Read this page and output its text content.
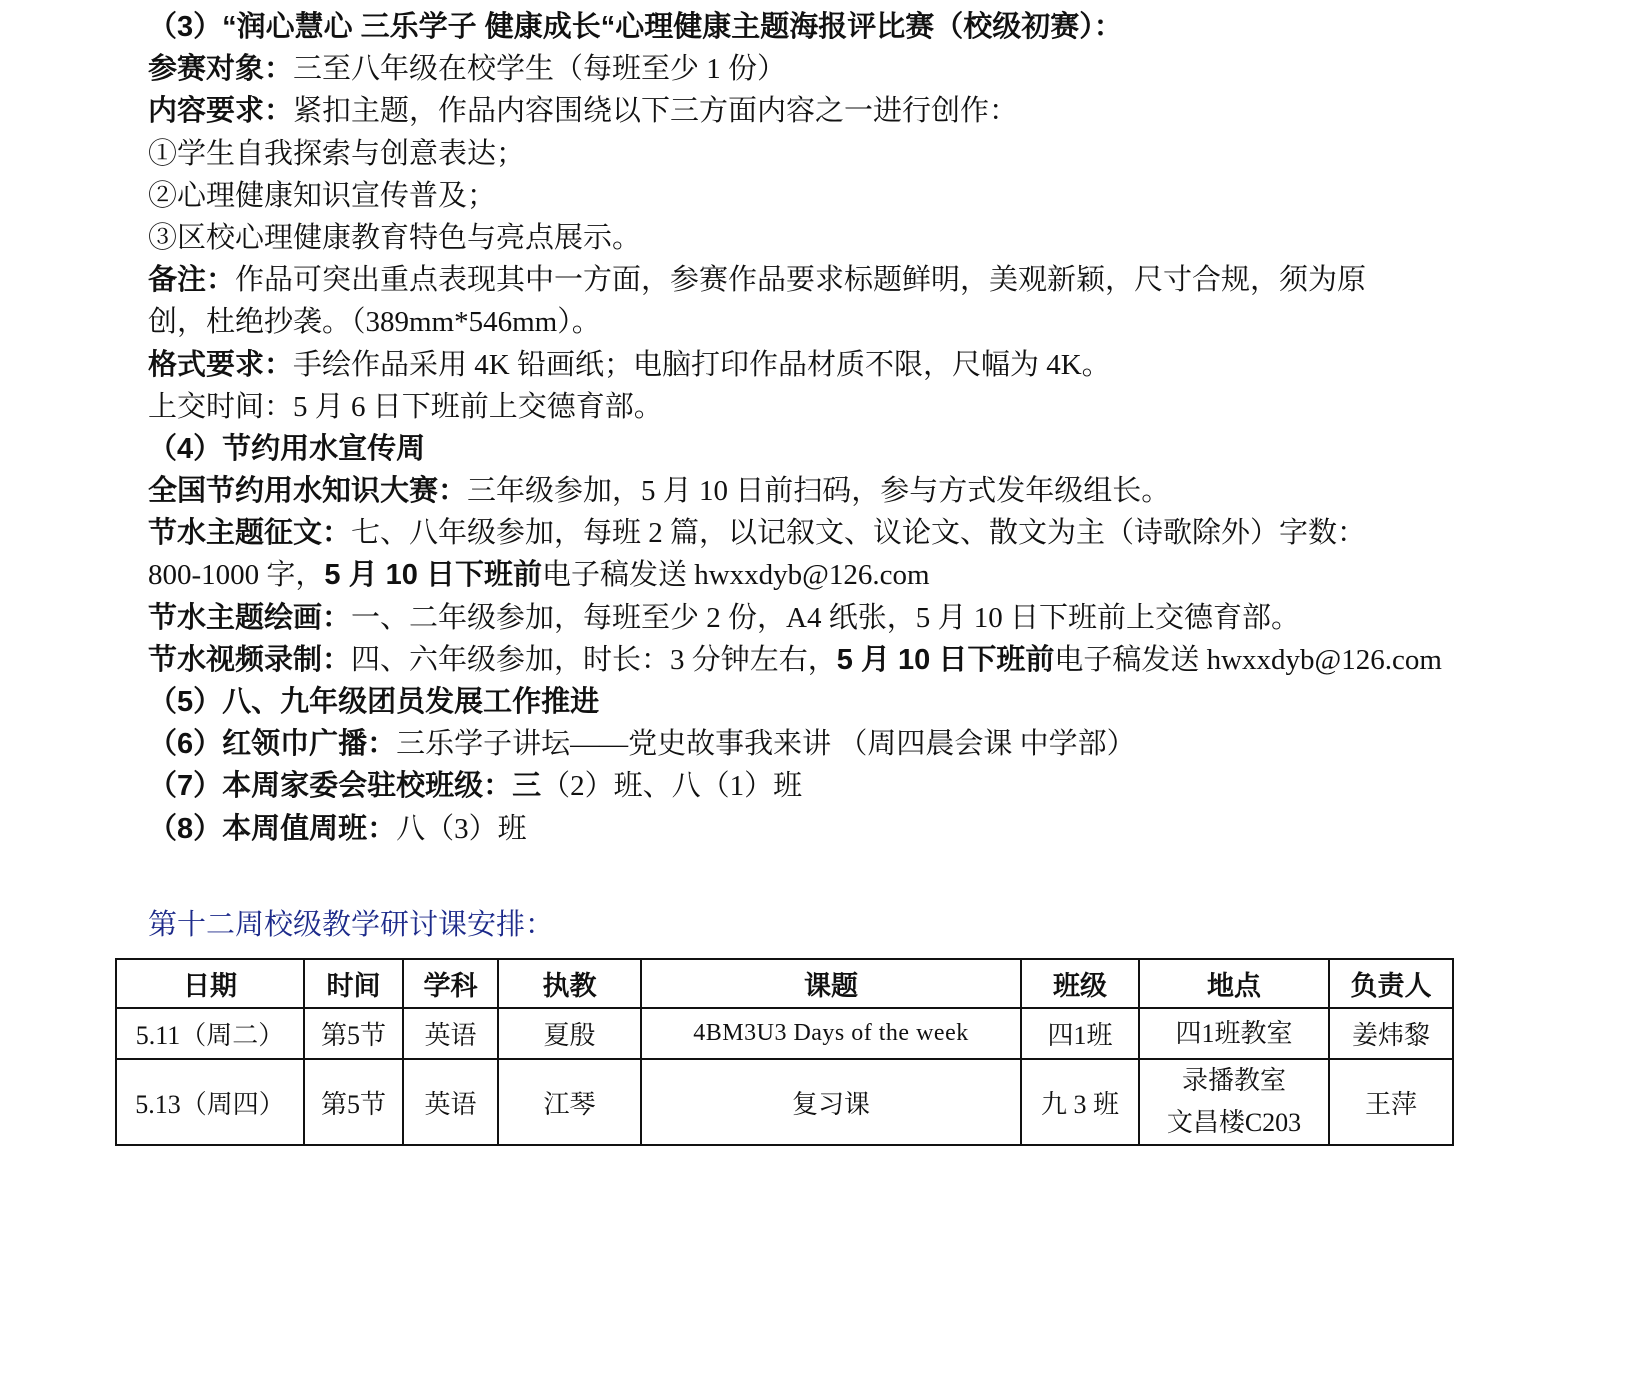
（3）“润心慧心 三乐学子 健康成长“心理健康主题海报评比赛（校级初赛）：
参赛对象：三至八年级在校学生（每班至少 1 份）
内容要求：紧扣主题，作品内容围绕以下三方面内容之一进行创作：
①学生自我探索与创意表达；
②心理健康知识宣传普及；
③区校心理健康教育特色与亮点展示。
备注：作品可突出重点表现其中一方面，参赛作品要求标题鲜明，美观新颖，尺寸合规，须为原
创，杜绝抄袭。（389mm*546mm）。
格式要求：手绘作品采用 4K 铅画纸；电脑打印作品材质不限，尺幅为 4K。
上交时间：5 月 6 日下班前上交德育部。
（4）节约用水宣传周
全国节约用水知识大赛：三年级参加，5 月 10 日前扫码，参与方式发年级组长。
节水主题征文：七、八年级参加，每班 2 篇，以记叙文、议论文、散文为主（诗歌除外）字数：
800-1000 字，5 月 10 日下班前电子稿发送 hwxxdyb@126.com
节水主题绘画：一、二年级参加，每班至少 2 份，A4 纸张，5 月 10 日下班前上交德育部。
节水视频录制：四、六年级参加，时长：3 分钟左右，5 月 10 日下班前电子稿发送 hwxxdyb@126.com
（5）八、九年级团员发展工作推进
（6）红领巾广播：三乐学子讲坛——党史故事我来讲 （周四晨会课 中学部）
（7）本周家委会驻校班级：三（2）班、八（1）班
（8）本周值周班：八（3）班
第十二周校级教学研讨课安排：
日期	时间	学科	执教	课题	班级	地点	负责人
5.11（周二）	第5节	英语	夏殷	4BM3U3 Days of the week	四1班	四1班教室	姜炜黎
5.13（周四）	第5节	英语	江琴	复习课	九 3 班	录播教室
文昌楼C203	王萍
